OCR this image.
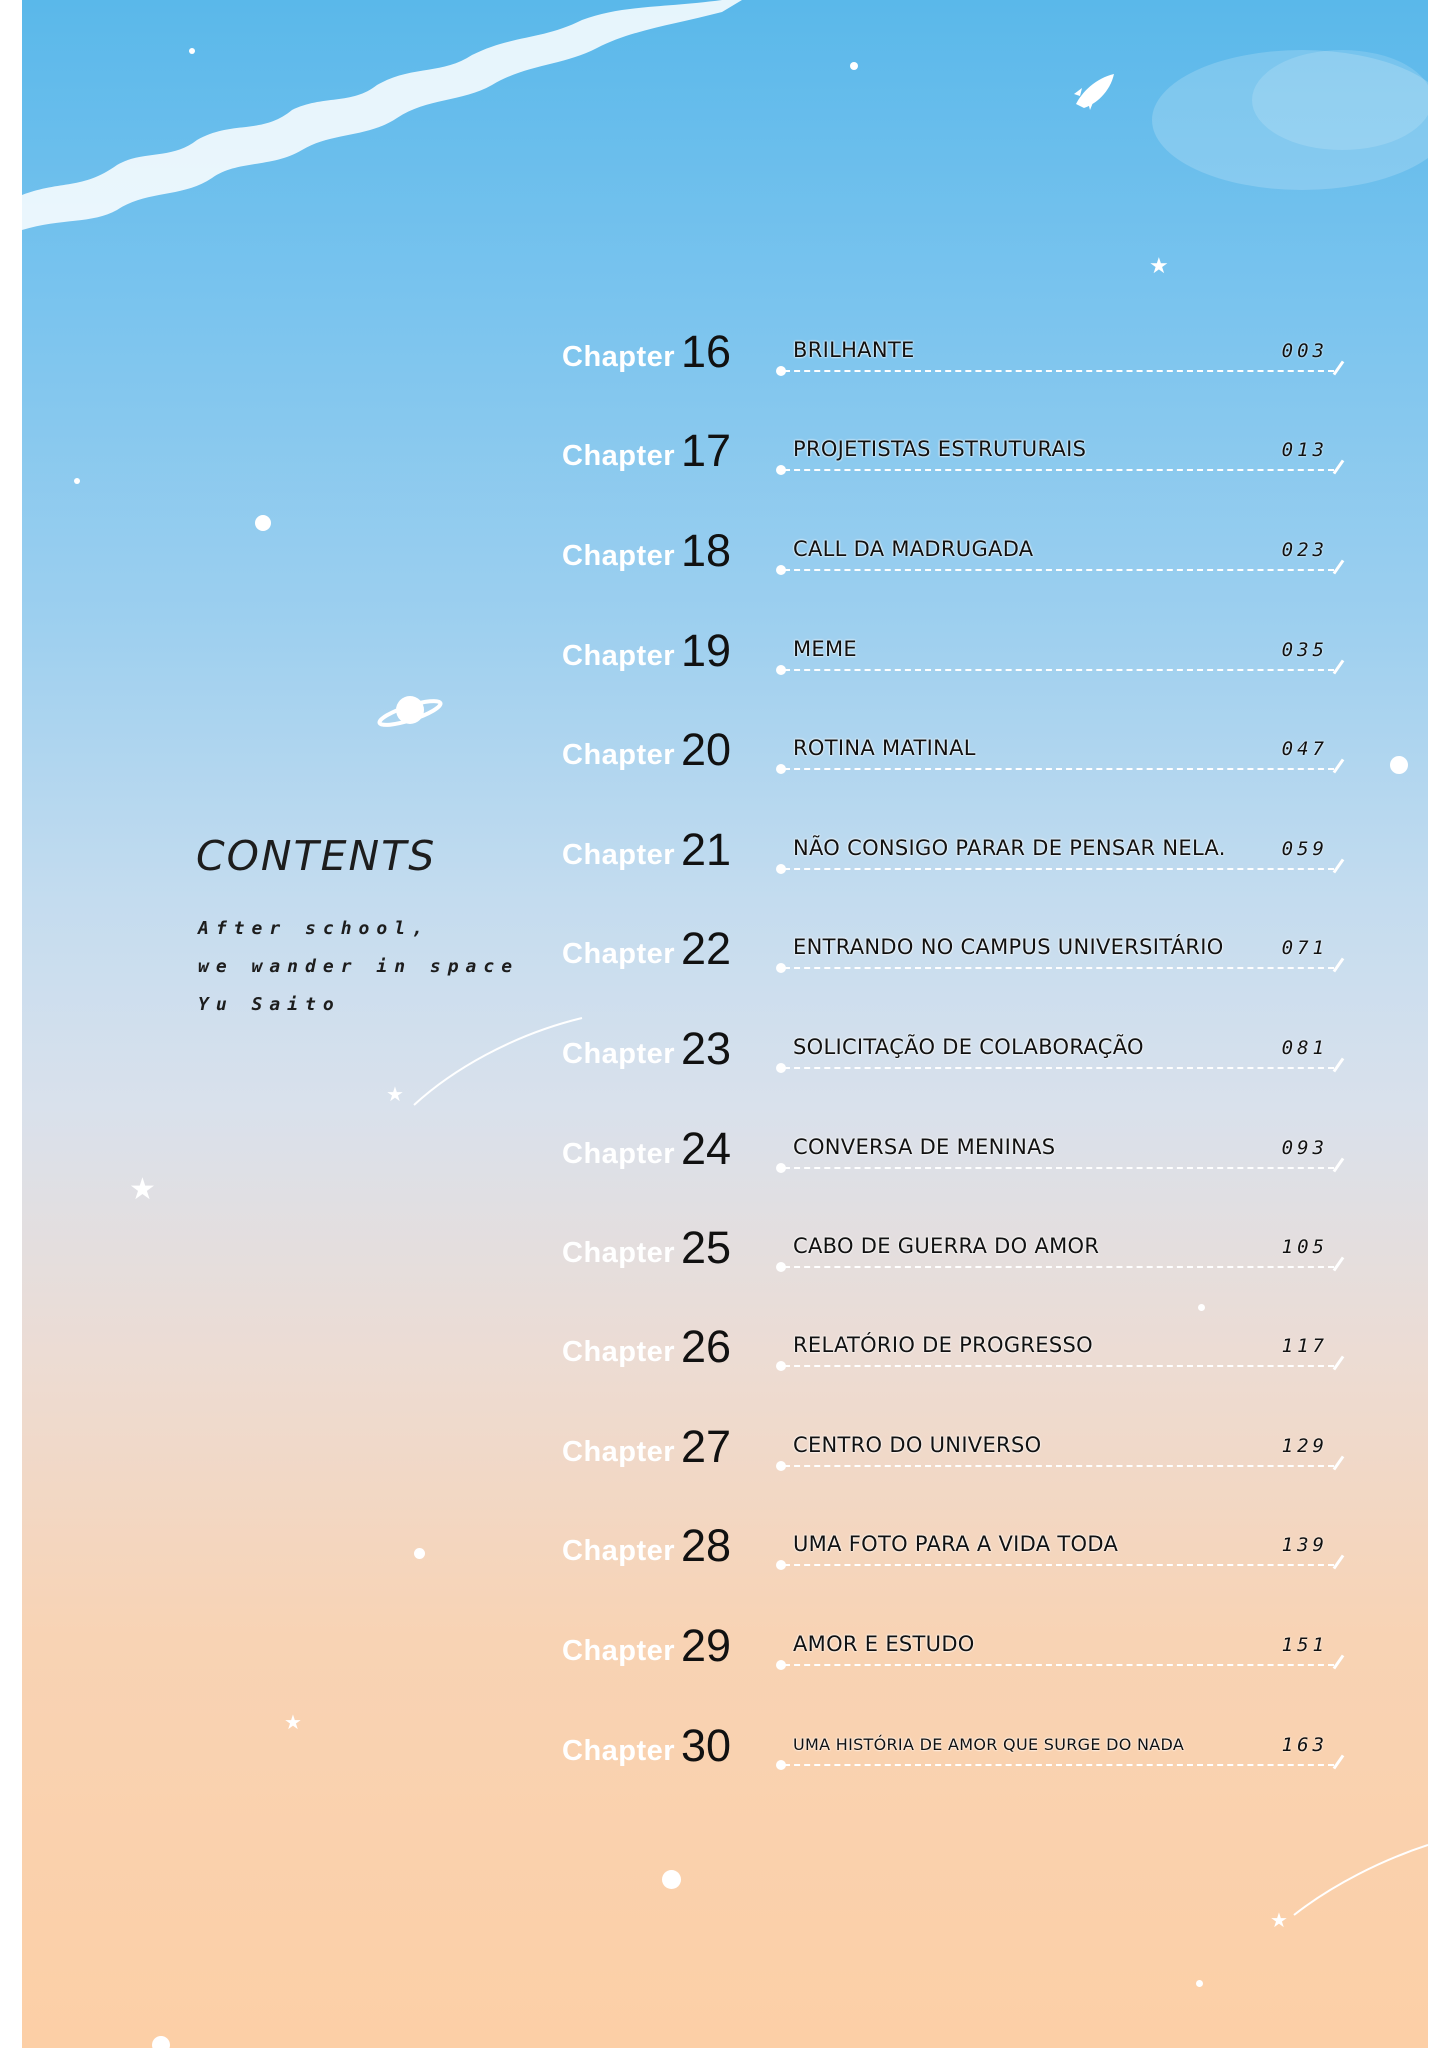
★
★
★
★
★
CONTENTS
After school,
we wander in space
Yu Saito
Chapter 16	BRILHANTE	003
Chapter 17	PROJETISTAS ESTRUTURAIS	013
Chapter 18	CALL DA MADRUGADA	023
Chapter 19	MEME	035
Chapter 20	ROTINA MATINAL	047
Chapter 21	NÃO CONSIGO PARAR DE PENSAR NELA.	059
Chapter 22	ENTRANDO NO CAMPUS UNIVERSITÁRIO	071
Chapter 23	SOLICITAÇÃO DE COLABORAÇÃO	081
Chapter 24	CONVERSA DE MENINAS	093
Chapter 25	CABO DE GUERRA DO AMOR	105
Chapter 26	RELATÓRIO DE PROGRESSO	117
Chapter 27	CENTRO DO UNIVERSO	129
Chapter 28	UMA FOTO PARA A VIDA TODA	139
Chapter 29	AMOR E ESTUDO	151
Chapter 30	UMA HISTÓRIA DE AMOR QUE SURGE DO NADA	163
